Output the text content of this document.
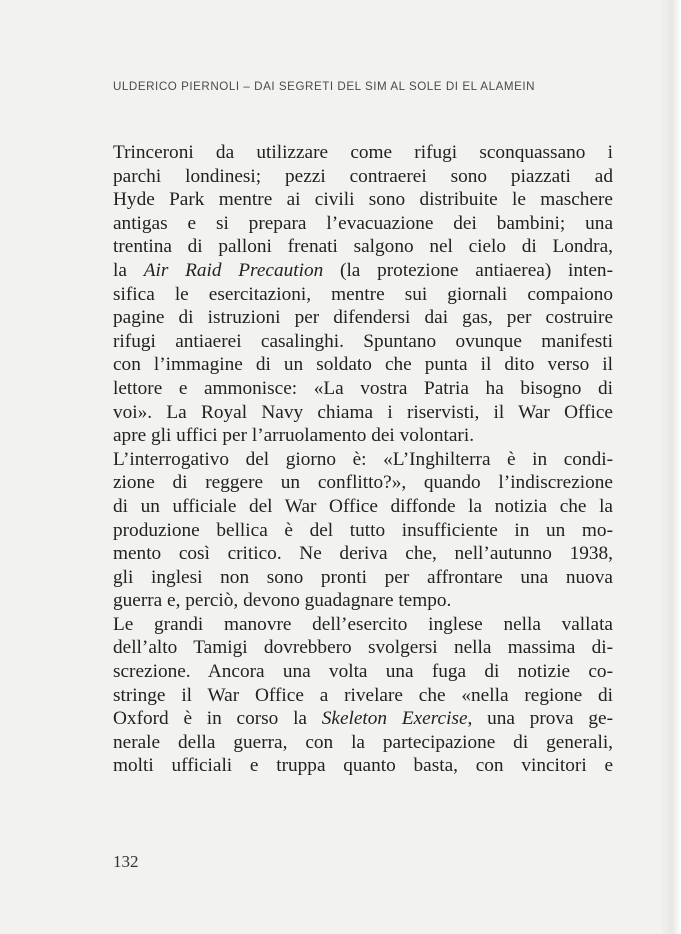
ULDERICO PIERNOLI – DAI SEGRETI DEL SIM AL SOLE DI EL ALAMEIN
Trinceroni da utilizzare come rifugi sconquassano i
parchi londinesi; pezzi contraerei sono piazzati ad
Hyde Park mentre ai civili sono distribuite le maschere
antigas e si prepara l’evacuazione dei bambini; una
trentina di palloni frenati salgono nel cielo di Londra,
la Air Raid Precaution (la protezione antiaerea) inten-
sifica le esercitazioni, mentre sui giornali compaiono
pagine di istruzioni per difendersi dai gas, per costruire
rifugi antiaerei casalinghi. Spuntano ovunque manifesti
con l’immagine di un soldato che punta il dito verso il
lettore e ammonisce: «La vostra Patria ha bisogno di
voi». La Royal Navy chiama i riservisti, il War Office
apre gli uffici per l’arruolamento dei volontari.
L’interrogativo del giorno è: «L’Inghilterra è in condi-
zione di reggere un conflitto?», quando l’indiscrezione
di un ufficiale del War Office diffonde la notizia che la
produzione bellica è del tutto insufficiente in un mo-
mento così critico. Ne deriva che, nell’autunno 1938,
gli inglesi non sono pronti per affrontare una nuova
guerra e, perciò, devono guadagnare tempo.
Le grandi manovre dell’esercito inglese nella vallata
dell’alto Tamigi dovrebbero svolgersi nella massima di-
screzione. Ancora una volta una fuga di notizie co-
stringe il War Office a rivelare che «nella regione di
Oxford è in corso la Skeleton Exercise, una prova ge-
nerale della guerra, con la partecipazione di generali,
molti ufficiali e truppa quanto basta, con vincitori e
132
